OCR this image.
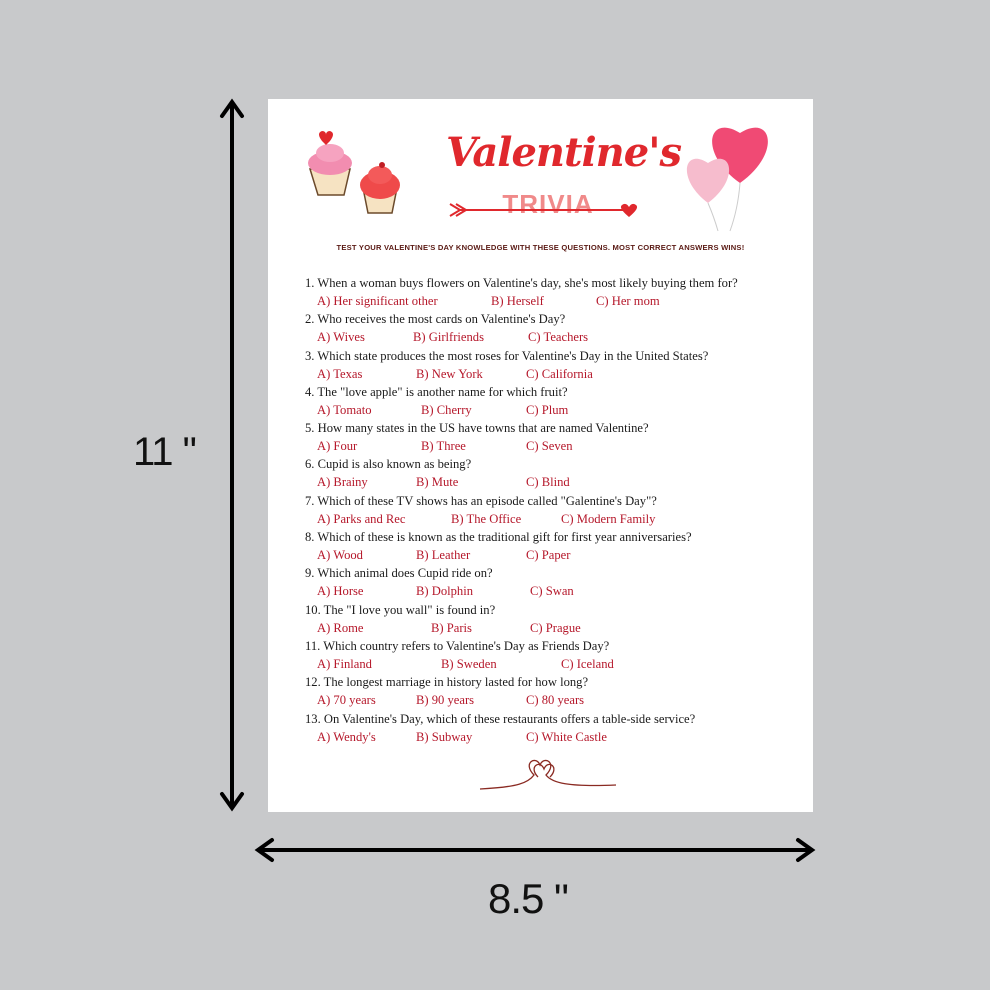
11 "
8.5 "
Valentine's
TRIVIA
TEST YOUR VALENTINE'S DAY KNOWLEDGE WITH THESE QUESTIONS. MOST CORRECT ANSWERS WINS!
1. When a woman buys flowers on Valentine's day, she's most likely buying them for?
A) Her significant other	B) Herself	C) Her mom
2. Who receives the most cards on Valentine's Day?
A) Wives	B) Girlfriends	C) Teachers
3. Which state produces the most roses for Valentine's Day in the United States?
A) Texas	B) New York	C) California
4. The "love apple" is another name for which fruit?
A) Tomato	B) Cherry	C) Plum
5. How many states in the US have towns that are named Valentine?
A) Four	B) Three	C) Seven
6. Cupid is also known as being?
A) Brainy	B) Mute	C) Blind
7. Which of these TV shows has an episode called "Galentine's Day"?
A) Parks and Rec	B) The Office	C) Modern Family
8. Which of these is known as the traditional gift for first year anniversaries?
A) Wood	B) Leather	C) Paper
9. Which animal does Cupid ride on?
A) Horse	B) Dolphin	C) Swan
10. The "I love you wall" is found in?
A) Rome	B) Paris	C) Prague
11. Which country refers to Valentine's Day as Friends Day?
A) Finland	B) Sweden	C) Iceland
12. The longest marriage in history lasted for how long?
A) 70 years	B) 90 years	C) 80 years
13. On Valentine's Day, which of these restaurants offers a table-side service?
A) Wendy's	B) Subway	C) White Castle
